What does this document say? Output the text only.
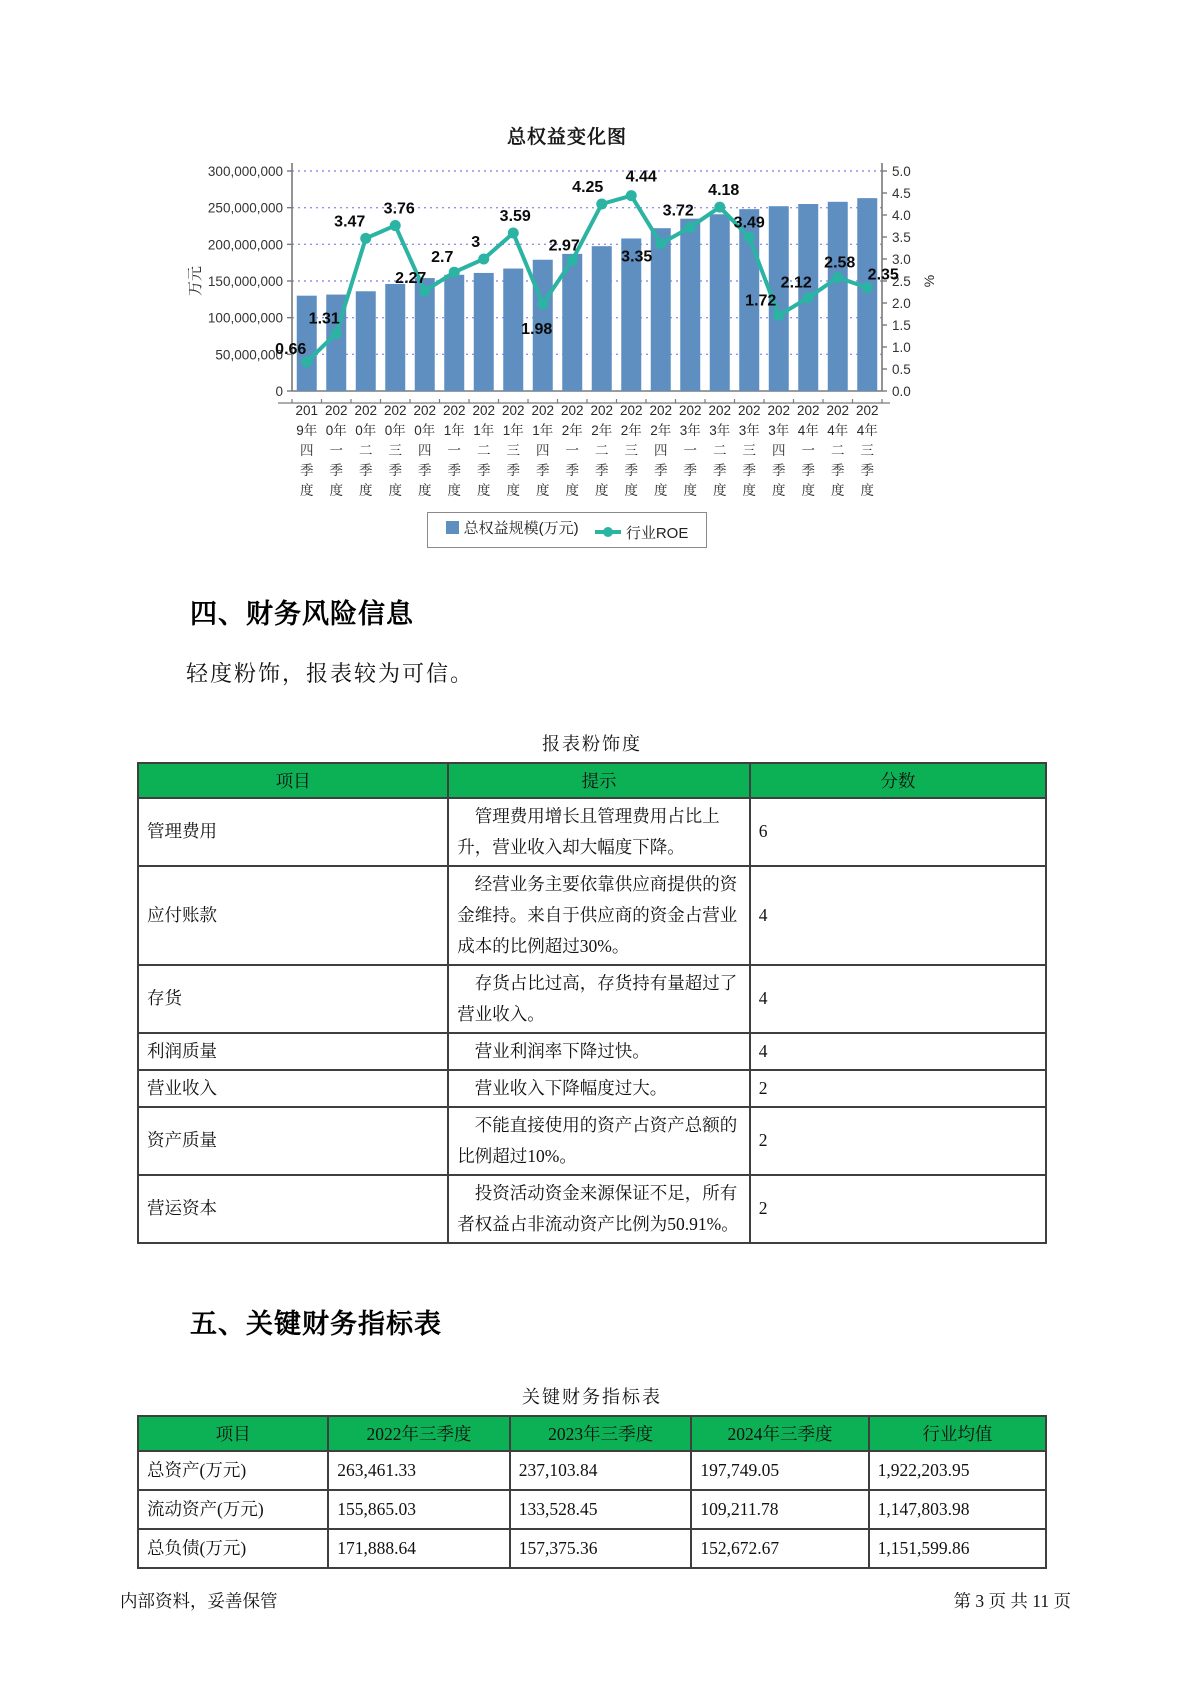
总权益变化图
0
50,000,000
100,000,000
150,000,000
200,000,000
250,000,000
300,000,000
0.0
0.5
1.0
1.5
2.0
2.5
3.0
3.5
4.0
4.5
5.0
0.66
1.31
3.47
3.76
2.27
2.7
3
3.59
1.98
2.97
4.25
4.44
3.35
3.72
4.18
3.49
1.72
2.12
2.58
2.35
201
9年
四
季
度
202
0年
一
季
度
202
0年
二
季
度
202
0年
三
季
度
202
0年
四
季
度
202
1年
一
季
度
202
1年
二
季
度
202
1年
三
季
度
202
1年
四
季
度
202
2年
一
季
度
202
2年
二
季
度
202
2年
三
季
度
202
2年
四
季
度
202
3年
一
季
度
202
3年
二
季
度
202
3年
三
季
度
202
3年
四
季
度
202
4年
一
季
度
202
4年
二
季
度
202
4年
三
季
度
万元	%
总权益规模(万元)
	行业ROE
四、财务风险信息
轻度粉饰，报表较为可信。
报表粉饰度
项目	提示	分数
管理费用	管理费用增长且管理费用占比上升，营业收入却大幅度下降。	6
应付账款	经营业务主要依靠供应商提供的资金维持。来自于供应商的资金占营业成本的比例超过30%。	4
存货	存货占比过高，存货持有量超过了营业收入。	4
利润质量	营业利润率下降过快。	4
营业收入	营业收入下降幅度过大。	2
资产质量	不能直接使用的资产占资产总额的比例超过10%。	2
营运资本	投资活动资金来源保证不足，所有者权益占非流动资产比例为50.91%。	2
五、关键财务指标表
关键财务指标表
项目	2022年三季度	2023年三季度	2024年三季度	行业均值
总资产(万元)	263,461.33	237,103.84	197,749.05	1,922,203.95
流动资产(万元)	155,865.03	133,528.45	109,211.78	1,147,803.98
总负债(万元)	171,888.64	157,375.36	152,672.67	1,151,599.86
内部资料，妥善保管	第 3 页 共 11 页
